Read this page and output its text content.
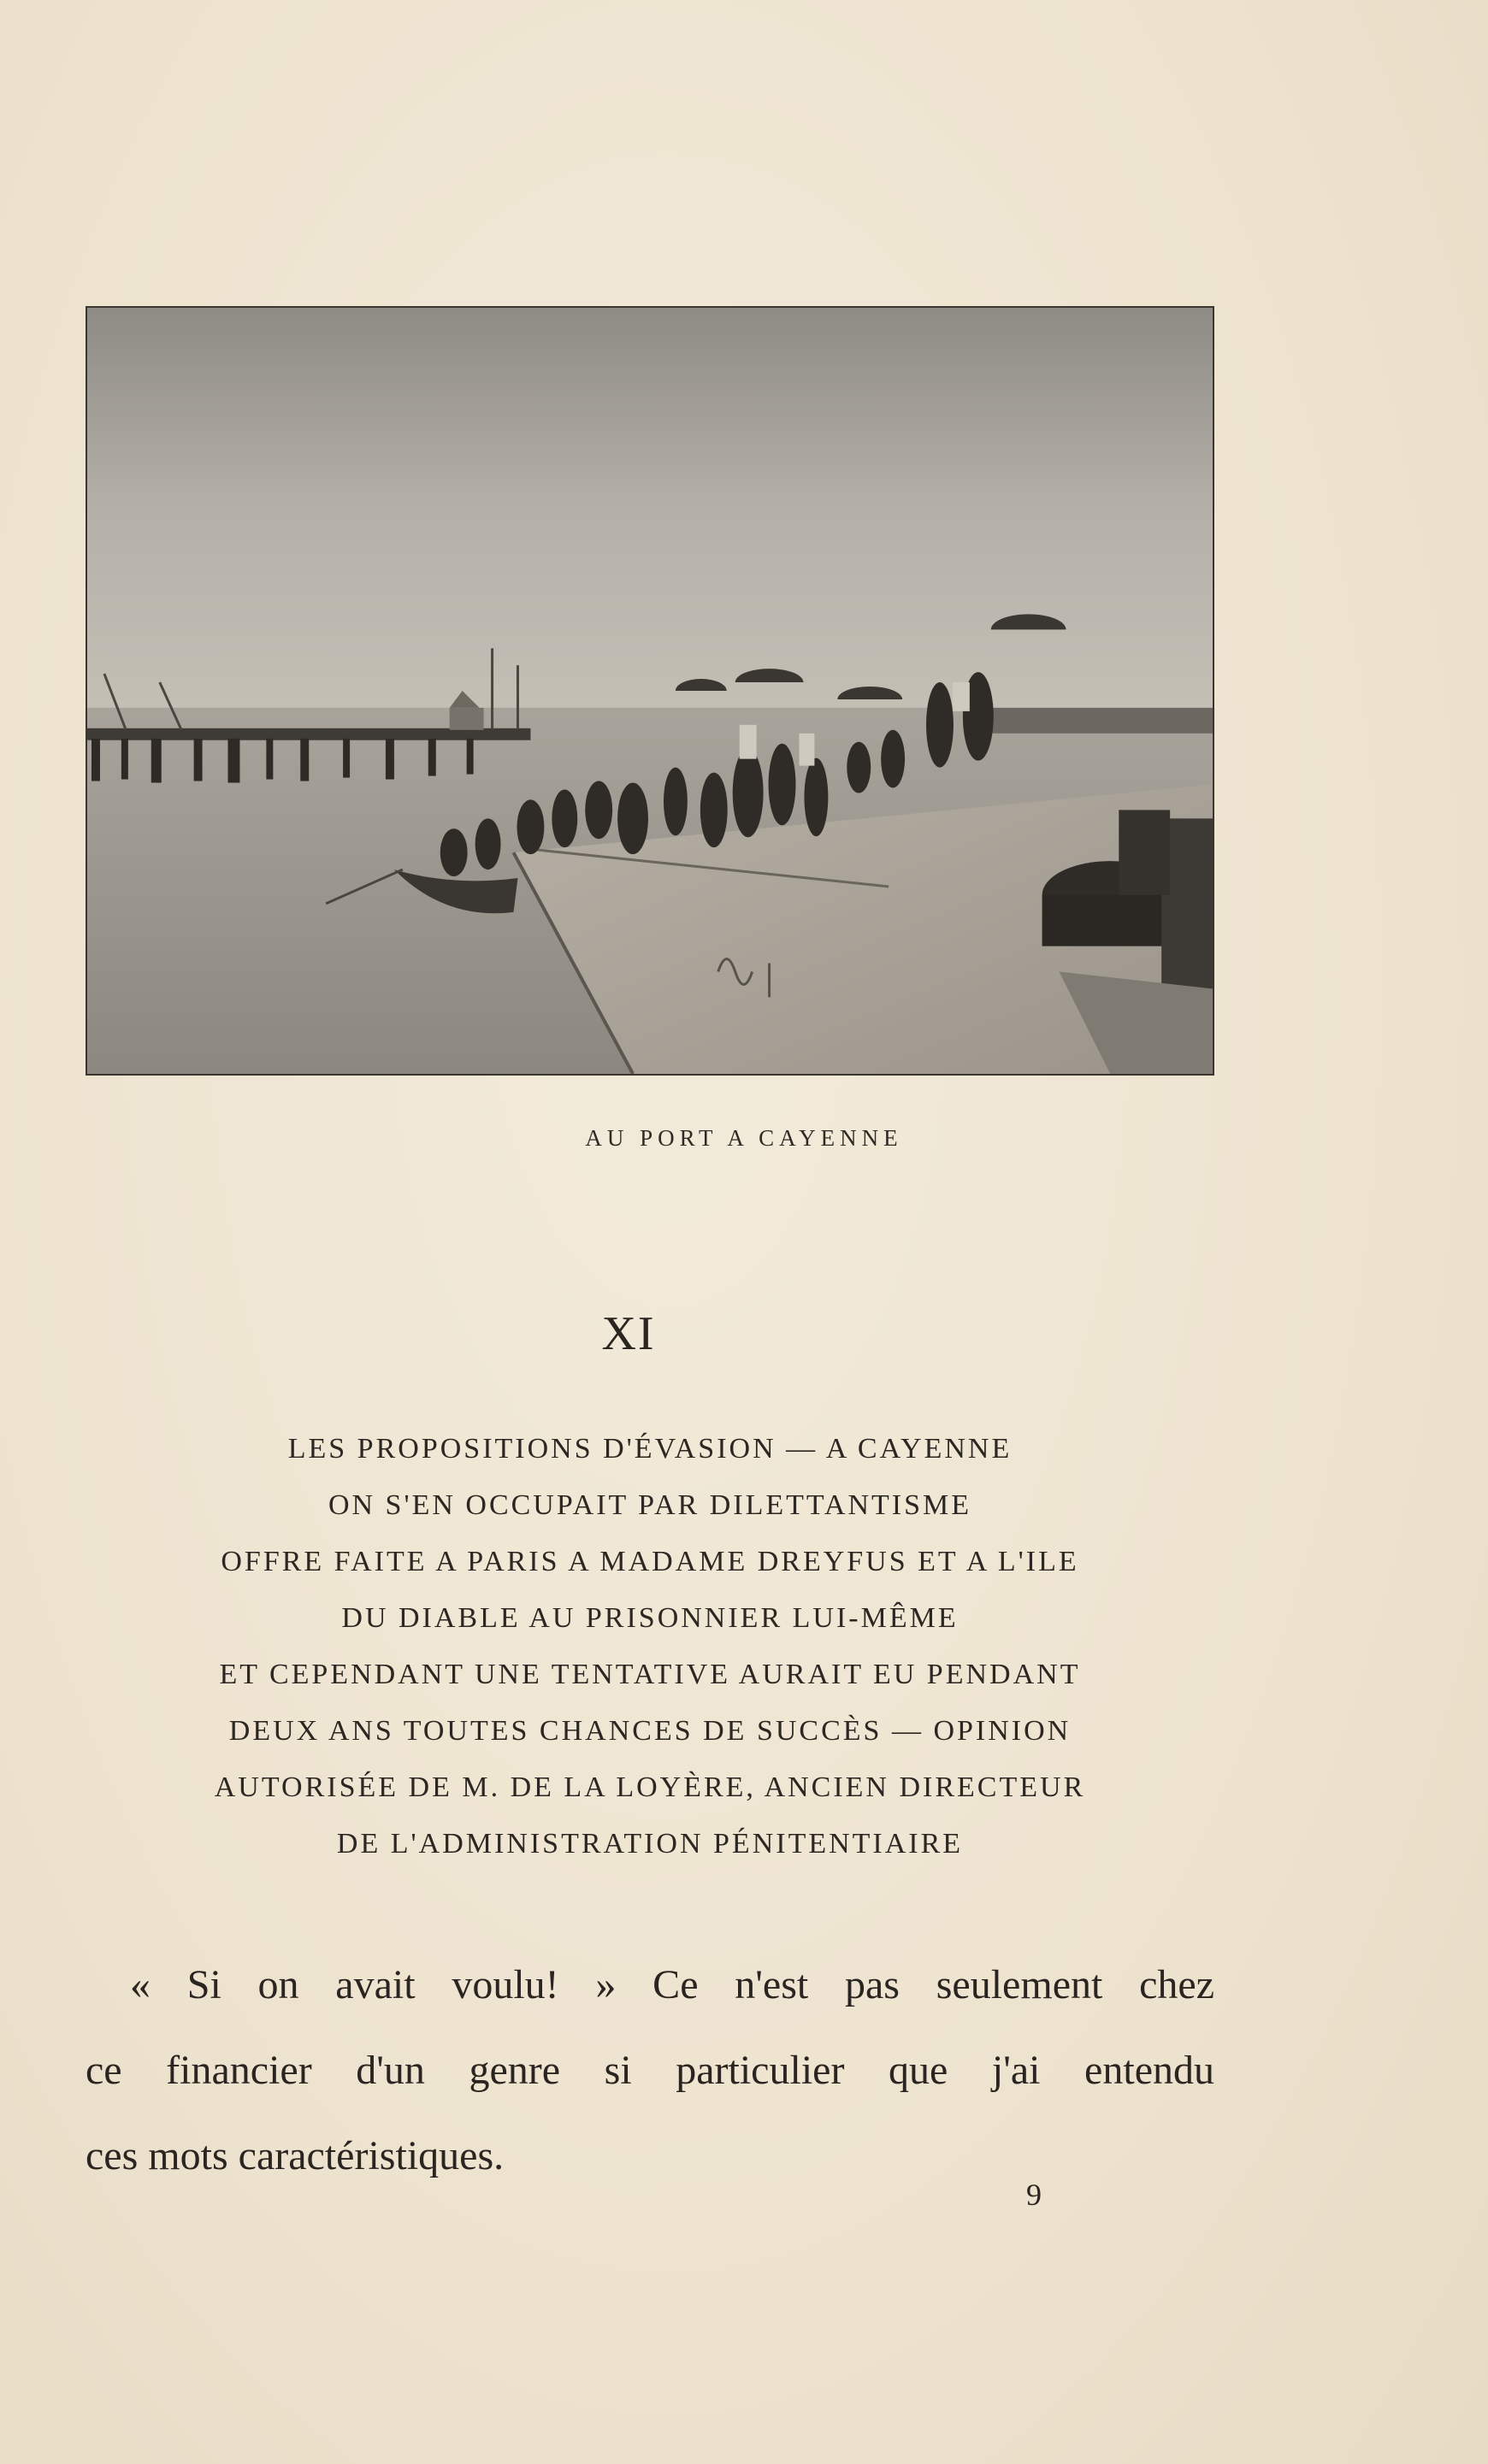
AU PORT A CAYENNE
XI
LES PROPOSITIONS D'ÉVASION — A CAYENNE
ON S'EN OCCUPAIT PAR DILETTANTISME
OFFRE FAITE A PARIS A MADAME DREYFUS ET A L'ILE
DU DIABLE AU PRISONNIER LUI-MÊME
ET CEPENDANT UNE TENTATIVE AURAIT EU PENDANT
DEUX ANS TOUTES CHANCES DE SUCCÈS — OPINION
AUTORISÉE DE M. DE LA LOYÈRE, ANCIEN DIRECTEUR
DE L'ADMINISTRATION PÉNITENTIAIRE
« Si on avait voulu! » Ce n'est pas seulement chez
ce financier d'un genre si particulier que j'ai entendu
ces mots caractéristiques.
9
